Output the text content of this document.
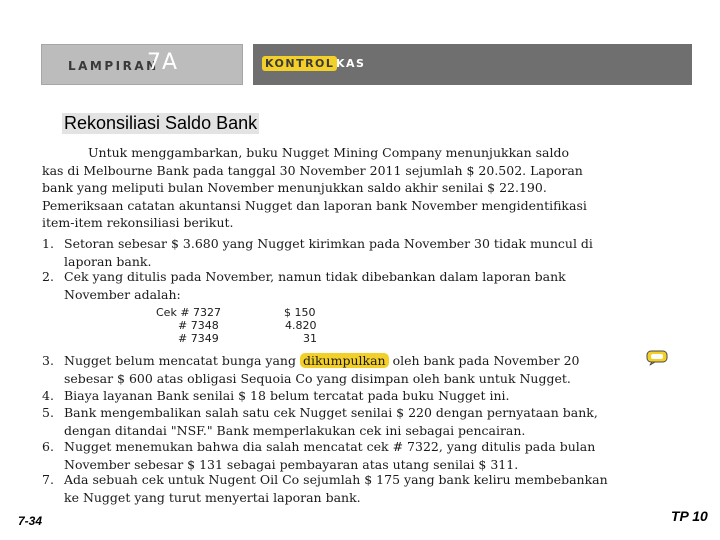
LAMPIRAN
7A	KONTROL KAS
Rekonsiliasi Saldo Bank
Untuk menggambarkan, buku Nugget Mining Company menunjukkan saldo
kas di Melbourne Bank pada tanggal 30 November 2011 sejumlah $ 20.502. Laporan
bank yang meliputi bulan November menunjukkan saldo akhir senilai $ 22.190.
Pemeriksaan catatan akuntansi Nugget dan laporan bank November mengidentifikasi
item-item rekonsiliasi berikut.
1. Setoran sebesar $ 3.680 yang Nugget kirimkan pada November 30 tidak muncul di
laporan bank.
2. Cek yang ditulis pada November, namun tidak dibebankan dalam laporan bank
November adalah:
Cek # 7327	$ 150
# 7348	4.820
# 7349	31
3. Nugget belum mencatat bunga yang dikumpulkan oleh bank pada November 20
sebesar $ 600 atas obligasi Sequoia Co yang disimpan oleh bank untuk Nugget.
4. Biaya layanan Bank senilai $ 18 belum tercatat pada buku Nugget ini.
5. Bank mengembalikan salah satu cek Nugget senilai $ 220 dengan pernyataan bank,
dengan ditandai "NSF." Bank memperlakukan cek ini sebagai pencairan.
6. Nugget menemukan bahwa dia salah mencatat cek # 7322, yang ditulis pada bulan
November sebesar $ 131 sebagai pembayaran atas utang senilai $ 311.
7. Ada sebuah cek untuk Nugent Oil Co sejumlah $ 175 yang bank keliru membebankan
ke Nugget yang turut menyertai laporan bank.
7-34	TP 10
